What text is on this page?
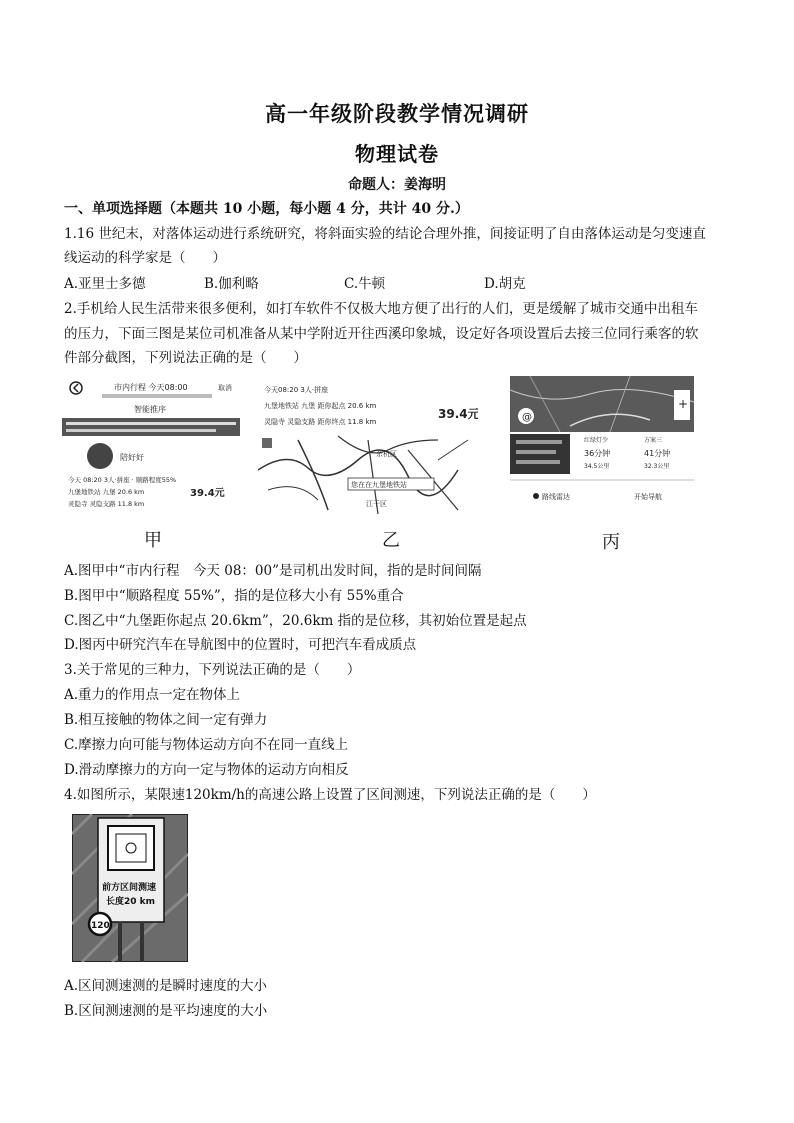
高一年级阶段教学情况调研
物理试卷
命题人：姜海明
一、单项选择题（本题共 10 小题，每小题 4 分，共计 40 分.）
1.16 世纪末，对落体运动进行系统研究，将斜面实验的结论合理外推，间接证明了自由落体运动是匀变速直
线运动的科学家是（　　）
A.亚里士多德	B.伽利略	C.牛顿	D.胡克
2.手机给人民生活带来很多便利，如打车软件不仅极大地方便了出行的人们，更是缓解了城市交通中出租车
的压力，下面三图是某位司机准备从某中学附近开往西溪印象城，设定好各项设置后去接三位同行乘客的软
件部分截图，下列说法正确的是（　　）
市内行程 今天08:00	取消
智能推序
陪好好
今天 08:20 3人·拼座 · 顺路程度55%
九堡地铁站 九堡 20.6 km	39.4元
灵隐寺 灵隐支路 11.8 km
今天08:20 3人·拼座
九堡地铁站 九堡 距你起点 20.6 km
39.4元
灵隐寺 灵隐支路 距你终点 11.8 km
余杭区
您在在九堡地铁站
江干区
@
+
红绿灯少
36分钟
34.5公里
方案三
41分钟
32.3公里
路线雷达	开始导航
甲	乙	丙
A.图甲中“市内行程　今天 08：00”是司机出发时间，指的是时间间隔
B.图甲中“顺路程度 55%”，指的是位移大小有 55%重合
C.图乙中“九堡距你起点 20.6km”，20.6km 指的是位移，其初始位置是起点
D.图丙中研究汽车在导航图中的位置时，可把汽车看成质点
3.关于常见的三种力，下列说法正确的是（　　）
A.重力的作用点一定在物体上
B.相互接触的物体之间一定有弹力
C.摩擦力向可能与物体运动方向不在同一直线上
D.滑动摩擦力的方向一定与物体的运动方向相反
4.如图所示，某限速120km/h的高速公路上设置了区间测速，下列说法正确的是（　　）
前方区间测速
长度20 km
120
A.区间测速测的是瞬时速度的大小
B.区间测速测的是平均速度的大小
